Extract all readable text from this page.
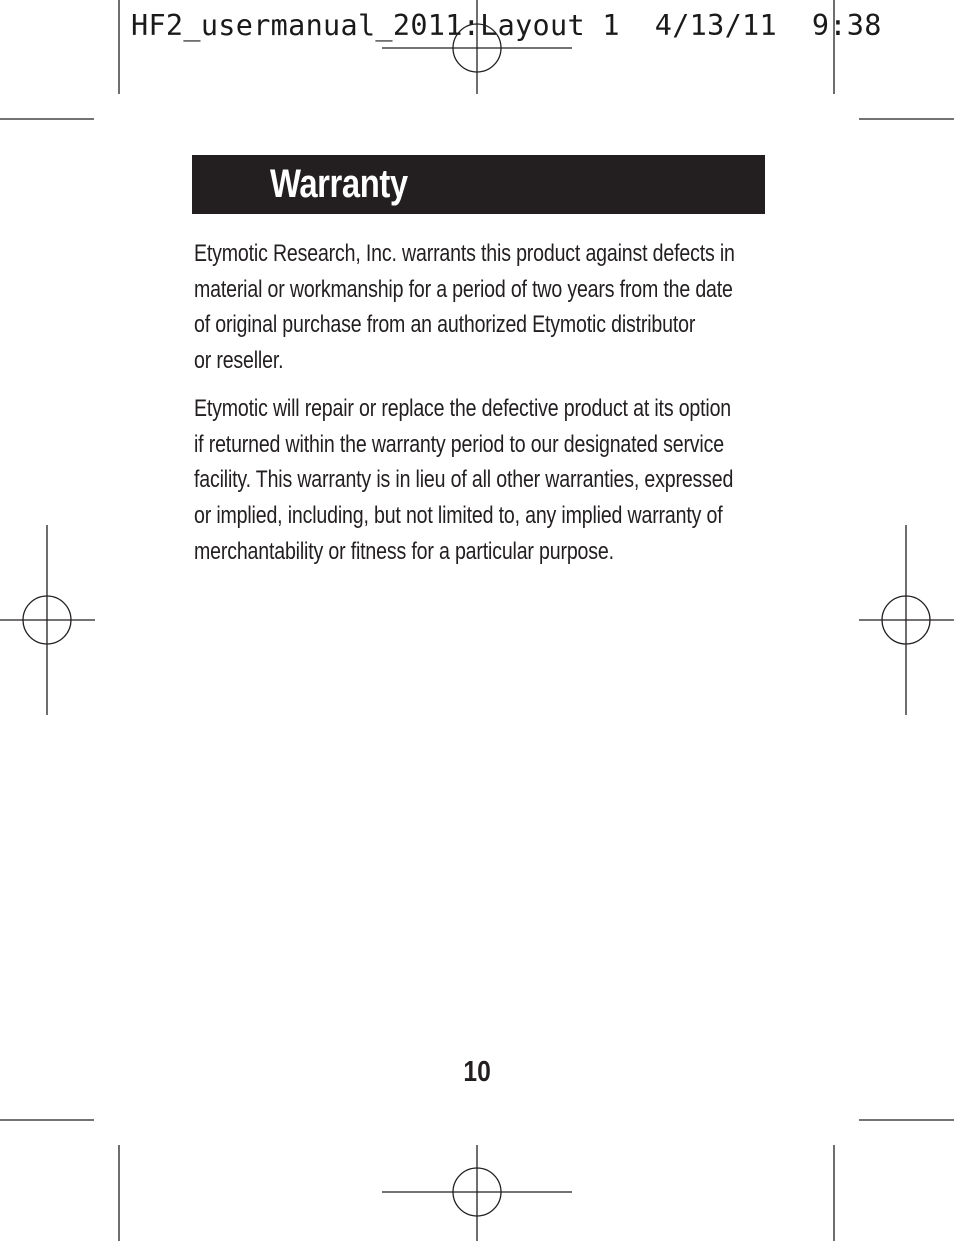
HF2_usermanual_2011:Layout 1  4/13/11  9:38
Warranty

Etymotic Research, Inc. warrants this product against defects in
material or workmanship for a period of two years from the date
of original purchase from an authorized Etymotic distributor
or reseller.

Etymotic will repair or replace the defective product at its option
if returned within the warranty period to our designated service
facility. This warranty is in lieu of all other warranties, expressed
or implied, including, but not limited to, any implied warranty of
merchantability or fitness for a particular purpose.

10
